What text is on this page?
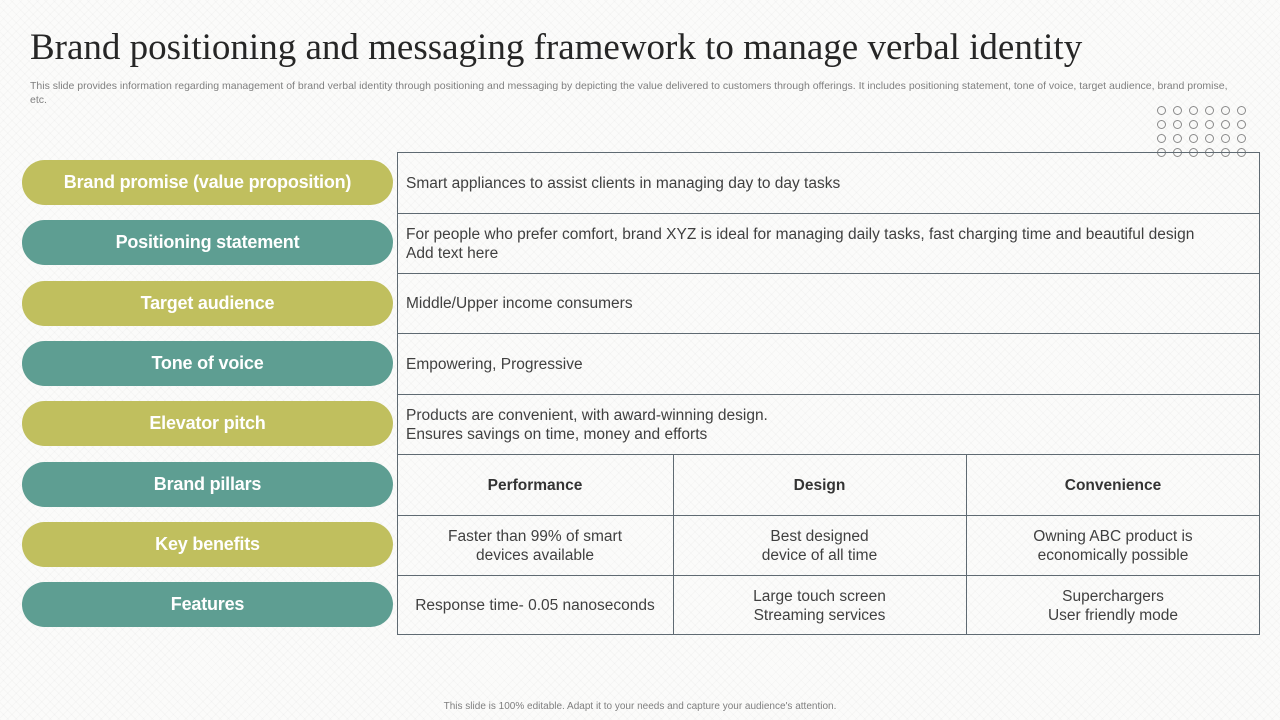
Brand positioning and messaging framework to manage verbal identity

This slide provides information regarding management of brand verbal identity through positioning and messaging by depicting the value delivered to customers through offerings. It includes positioning statement, tone of voice, target audience, brand promise, etc.

Brand promise (value proposition)
Positioning statement
Target audience
Tone of voice
Elevator pitch
Brand pillars
Key benefits
Features
Smart appliances to assist clients in managing day to day tasks
For people who prefer comfort, brand XYZ is ideal for managing daily tasks, fast charging time and beautiful design
Add text here
Middle/Upper income consumers
Empowering, Progressive
Products are convenient, with award-winning design.
Ensures savings on time, money and efforts
Performance	Design	Convenience
Faster than 99% of smart
devices available
Best designed
device of all time
Owning ABC product is
economically possible
Response time- 0.05 nanoseconds
Large touch screen
Streaming services
Superchargers
User friendly mode

This slide is 100% editable. Adapt it to your needs and capture your audience's attention.
